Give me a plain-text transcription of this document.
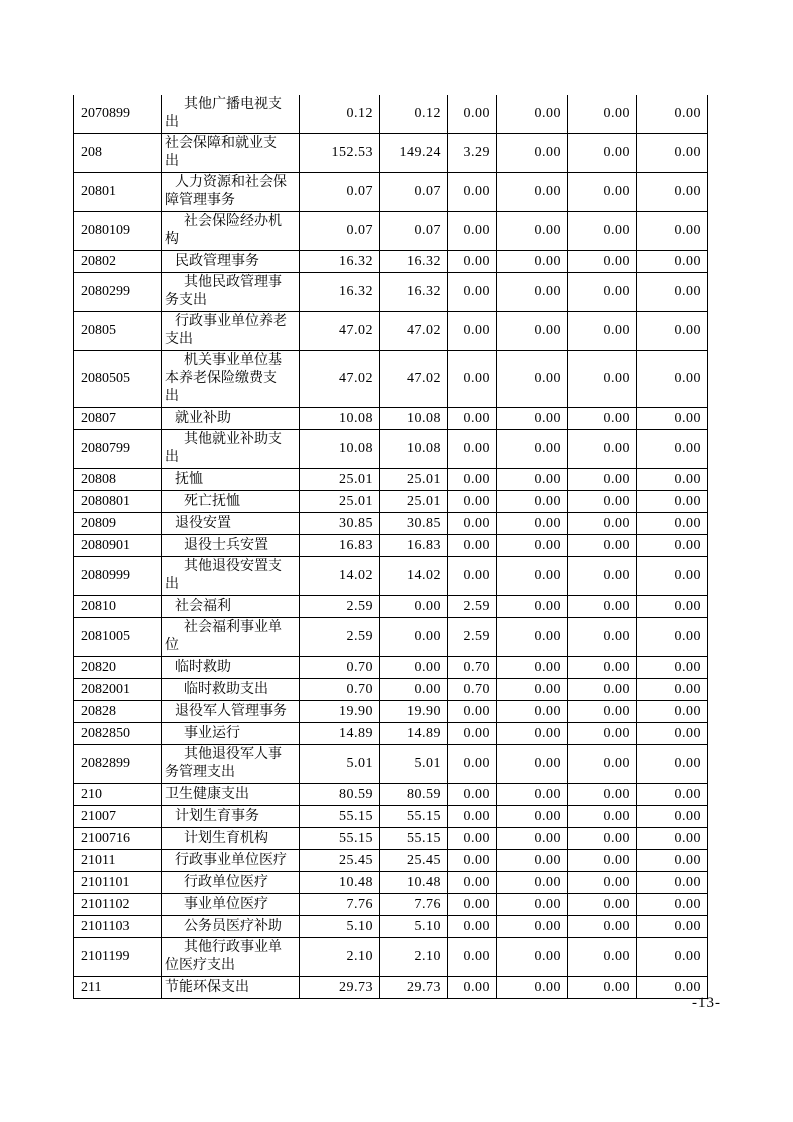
2070899	其他广播电视支出	0.12	0.12	0.00	0.00	0.00	0.00
208	社会保障和就业支出	152.53	149.24	3.29	0.00	0.00	0.00
20801	人力资源和社会保障管理事务	0.07	0.07	0.00	0.00	0.00	0.00
2080109	社会保险经办机构	0.07	0.07	0.00	0.00	0.00	0.00
20802	民政管理事务	16.32	16.32	0.00	0.00	0.00	0.00
2080299	其他民政管理事务支出	16.32	16.32	0.00	0.00	0.00	0.00
20805	行政事业单位养老支出	47.02	47.02	0.00	0.00	0.00	0.00
2080505	机关事业单位基本养老保险缴费支出	47.02	47.02	0.00	0.00	0.00	0.00
20807	就业补助	10.08	10.08	0.00	0.00	0.00	0.00
2080799	其他就业补助支出	10.08	10.08	0.00	0.00	0.00	0.00
20808	抚恤	25.01	25.01	0.00	0.00	0.00	0.00
2080801	死亡抚恤	25.01	25.01	0.00	0.00	0.00	0.00
20809	退役安置	30.85	30.85	0.00	0.00	0.00	0.00
2080901	退役士兵安置	16.83	16.83	0.00	0.00	0.00	0.00
2080999	其他退役安置支出	14.02	14.02	0.00	0.00	0.00	0.00
20810	社会福利	2.59	0.00	2.59	0.00	0.00	0.00
2081005	社会福利事业单位	2.59	0.00	2.59	0.00	0.00	0.00
20820	临时救助	0.70	0.00	0.70	0.00	0.00	0.00
2082001	临时救助支出	0.70	0.00	0.70	0.00	0.00	0.00
20828	退役军人管理事务	19.90	19.90	0.00	0.00	0.00	0.00
2082850	事业运行	14.89	14.89	0.00	0.00	0.00	0.00
2082899	其他退役军人事务管理支出	5.01	5.01	0.00	0.00	0.00	0.00
210	卫生健康支出	80.59	80.59	0.00	0.00	0.00	0.00
21007	计划生育事务	55.15	55.15	0.00	0.00	0.00	0.00
2100716	计划生育机构	55.15	55.15	0.00	0.00	0.00	0.00
21011	行政事业单位医疗	25.45	25.45	0.00	0.00	0.00	0.00
2101101	行政单位医疗	10.48	10.48	0.00	0.00	0.00	0.00
2101102	事业单位医疗	7.76	7.76	0.00	0.00	0.00	0.00
2101103	公务员医疗补助	5.10	5.10	0.00	0.00	0.00	0.00
2101199	其他行政事业单位医疗支出	2.10	2.10	0.00	0.00	0.00	0.00
211	节能环保支出	29.73	29.73	0.00	0.00	0.00	0.00
-13-
